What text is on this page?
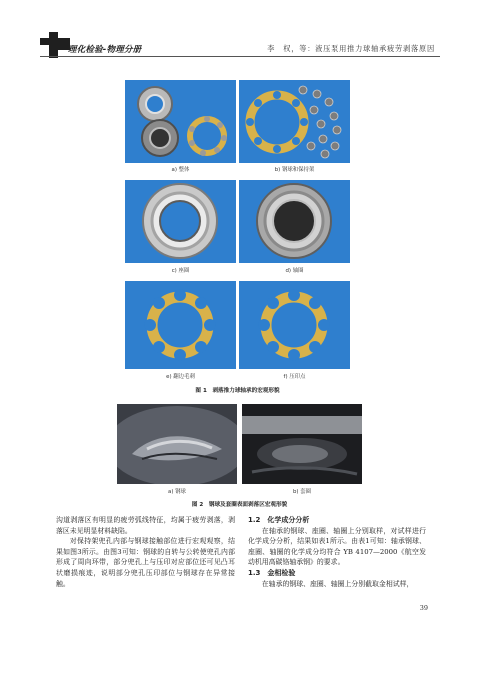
理化检验-物理分册	李　权，等：液压泵用推力球轴承疲劳剥落原因
a) 整体	b) 钢球和保持架
c) 座圈	d) 轴圈
e) 翻边毛刺	f) 压印点
图 1　剥落推力球轴承的宏观形貌
a) 钢球	b) 套圈
图 2　钢球及套圈表面剥落区宏观形貌

沟道剥落区有明显的疲劳弧线特征，均属于疲劳剥落，剥落区未见明显材料缺陷。

对保持架兜孔内部与钢球接触部位进行宏观观察，结果如图3所示。由图3可知：钢球的自转与公转使兜孔内部形成了周向环带，部分兜孔上与压印对应部位还可见凸耳状磨损痕迹，说明部分兜孔压印部位与钢球存在异常接触。

1.2　化学成分分析

在轴承的钢球、座圈、轴圈上分别取样，对试样进行化学成分分析，结果如表1所示。由表1可知：轴承钢球、座圈、轴圈的化学成分均符合 YB 4107—2000《航空发动机用高碳铬轴承钢》的要求。

1.3　金相检验

在轴承的钢球、座圈、轴圈上分别截取金相试样，

39
